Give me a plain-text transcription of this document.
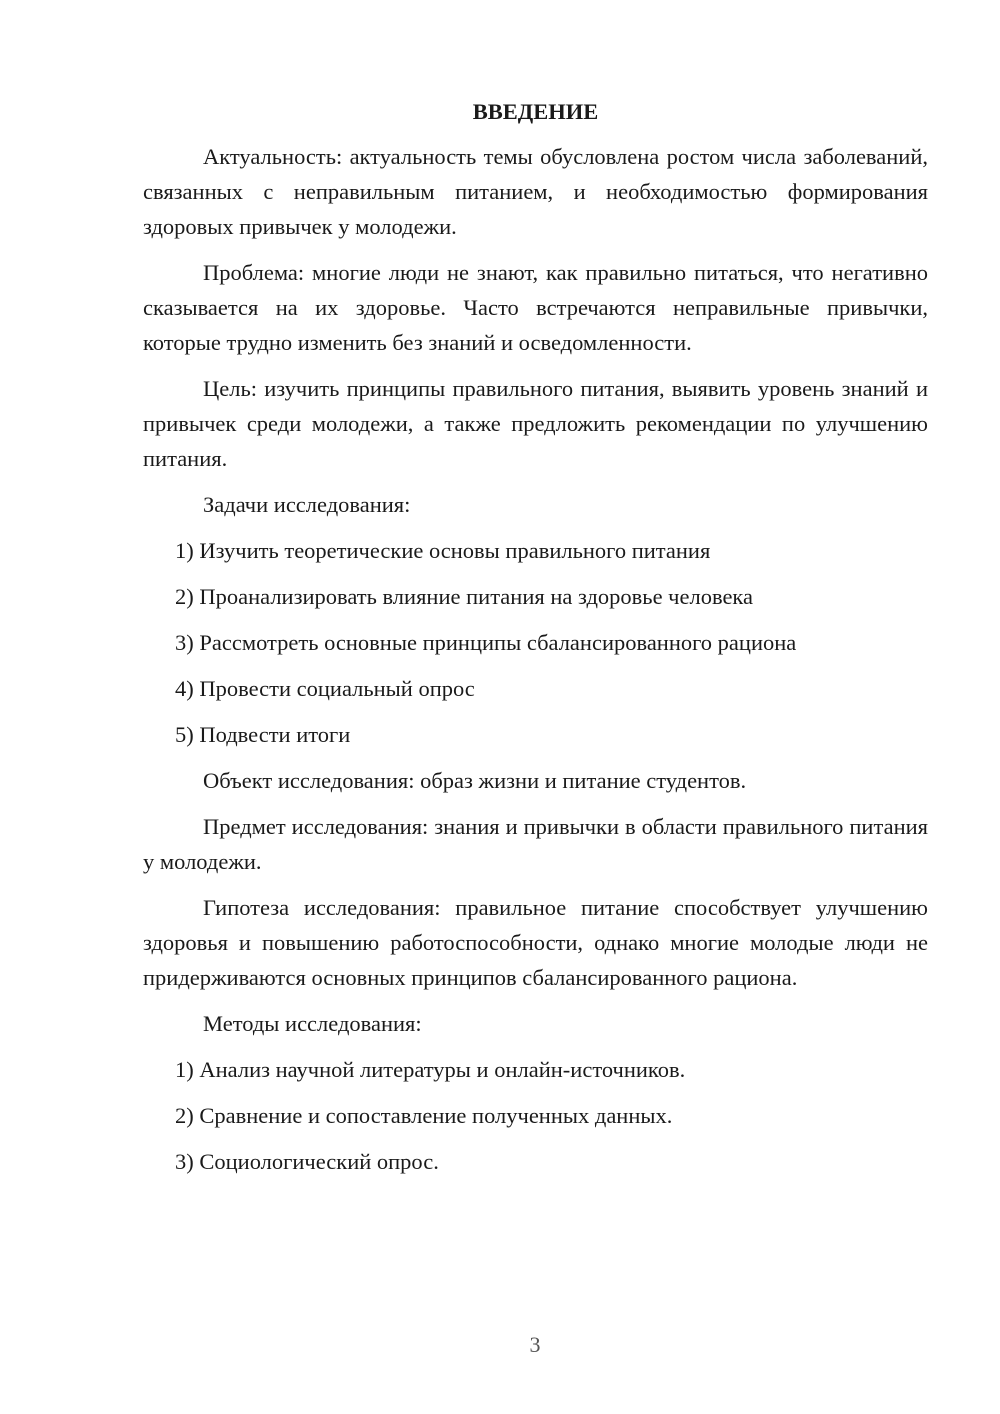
ВВЕДЕНИЕ

Актуальность: актуальность темы обусловлена ростом числа заболеваний, связанных с неправильным питанием, и необходимостью формирования здоровых привычек у молодежи.

Проблема: многие люди не знают, как правильно питаться, что негативно сказывается на их здоровье. Часто встречаются неправильные привычки, которые трудно изменить без знаний и осведомленности.

Цель: изучить принципы правильного питания, выявить уровень знаний и привычек среди молодежи, а также предложить рекомендации по улучшению питания.

Задачи исследования:
1) Изучить теоретические основы правильного питания
2) Проанализировать влияние питания на здоровье человека
3) Рассмотреть основные принципы сбалансированного рациона
4) Провести социальный опрос
5) Подвести итоги
Объект исследования: образ жизни и питание студентов.

Предмет исследования: знания и привычки в области правильного питания у молодежи.

Гипотеза исследования: правильное питание способствует улучшению здоровья и повышению работоспособности, однако многие молодые люди не придерживаются основных принципов сбалансированного рациона.

Методы исследования:
1) Анализ научной литературы и онлайн-источников.
2) Сравнение и сопоставление полученных данных.
3) Социологический опрос.
3
